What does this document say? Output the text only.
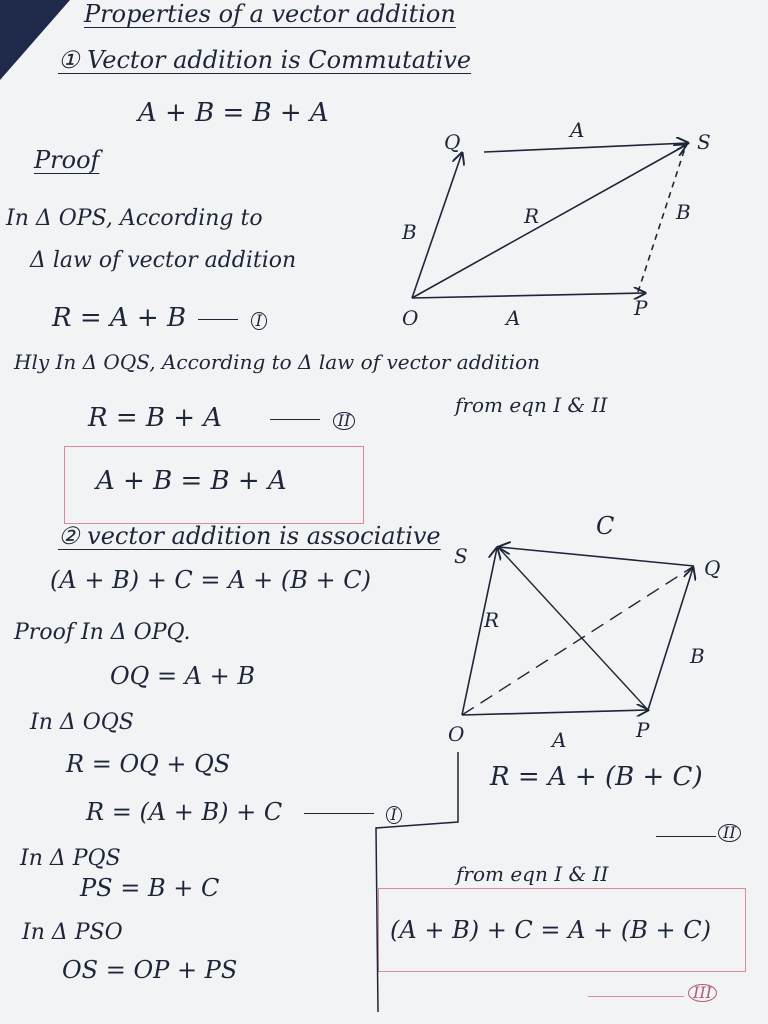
Properties of a vector addition
① Vector addition is Commutative
A + B = B + A
Proof
In Δ OPS, According to
Δ law of vector addition
R = A + B	I
Hly In Δ OQS, According to Δ law of vector addition
R = B + A	II
from eqn I & II
A + B = B + A
Q	S
O	P
A
A
B
B
R
② vector addition is associative	C
(A + B) + C = A + (B + C)
Proof In Δ OPQ.
OQ = A + B
In Δ OQS
R = OQ + QS
R = (A + B) + C	I
In Δ PQS
PS = B + C
In Δ PSO
OS = OP + PS
R = A + (B + C)
II
from eqn I & II
(A + B) + C = A + (B + C)
III
S	Q
O	P
A
B
R
